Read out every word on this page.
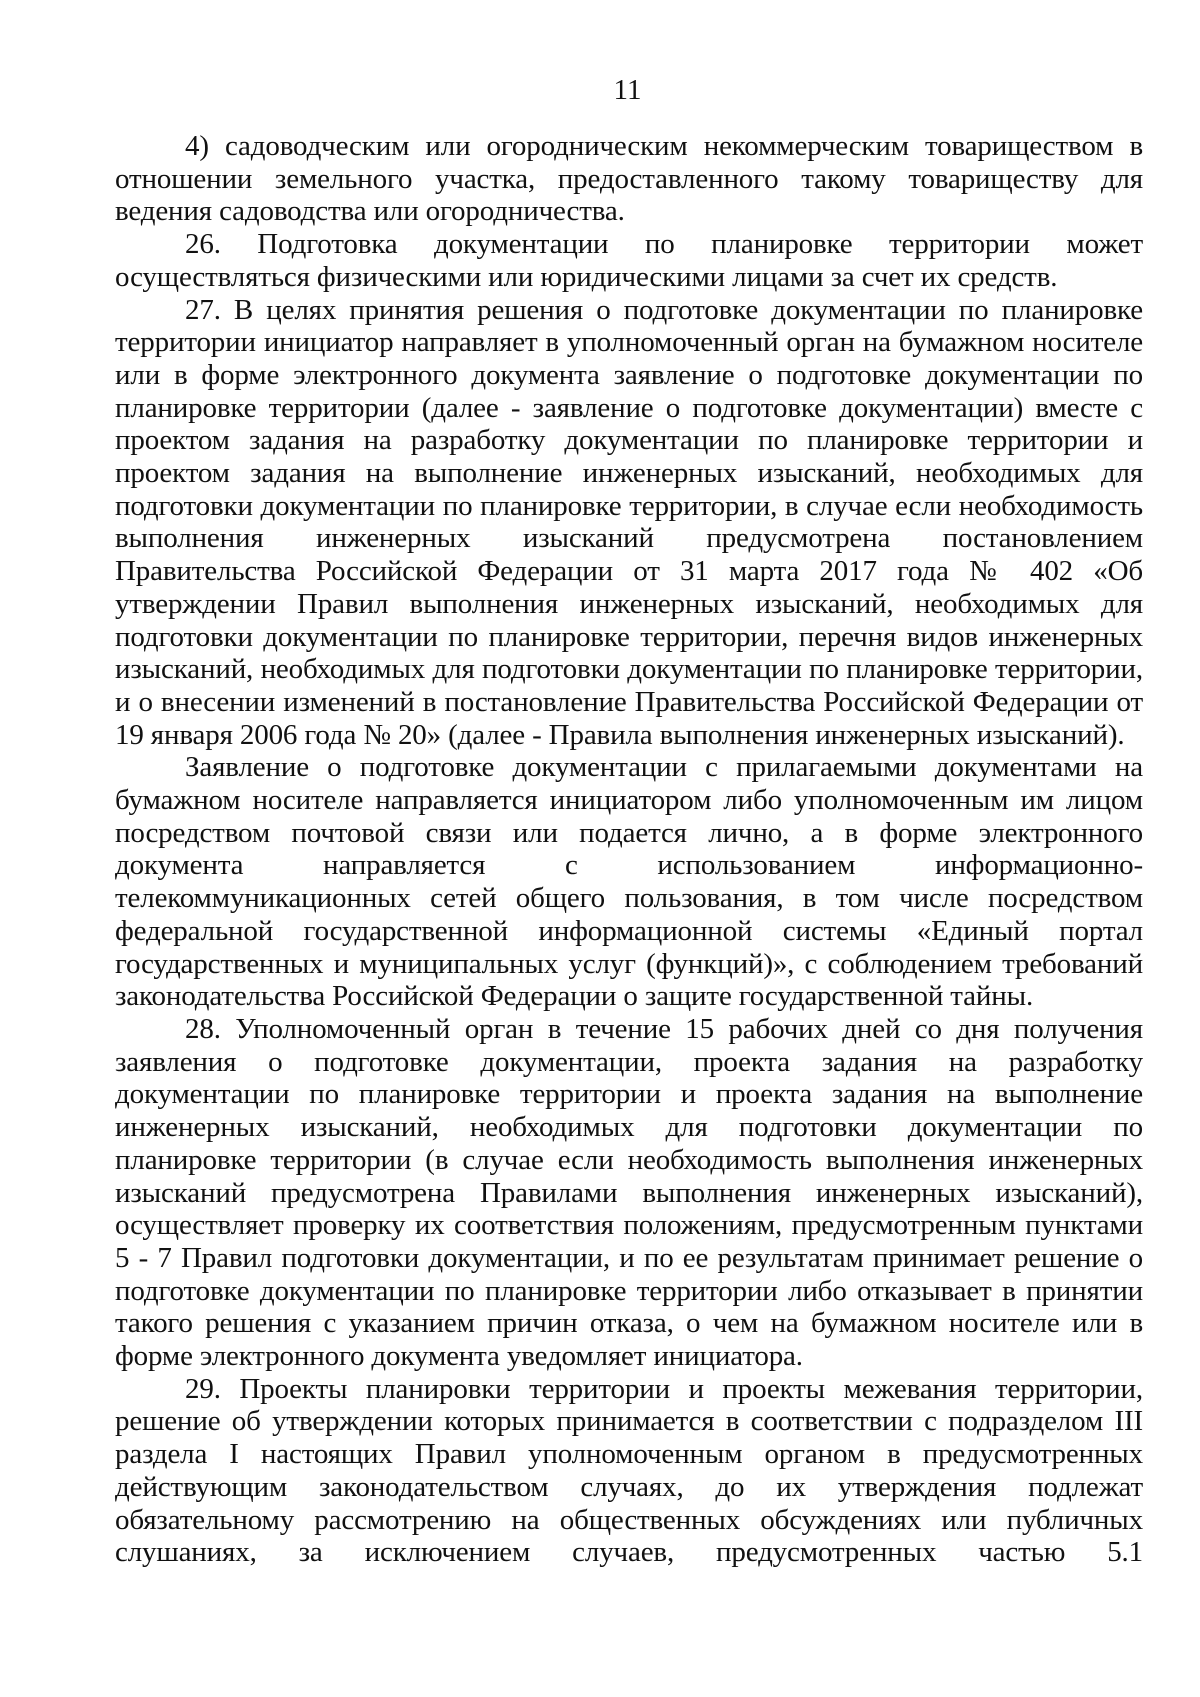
11

4) садоводческим или огородническим некоммерческим товариществом в отношении земельного участка, предоставленного такому товариществу для ведения садоводства или огородничества.

26. Подготовка документации по планировке территории может осуществляться физическими или юридическими лицами за счет их средств.

27. В целях принятия решения о подготовке документации по планировке территории инициатор направляет в уполномоченный орган на бумажном носителе или в форме электронного документа заявление о подготовке документации по планировке территории (далее - заявление о подготовке документации) вместе с проектом задания на разработку документации по планировке территории и проектом задания на выполнение инженерных изысканий, необходимых для подготовки документации по планировке территории, в случае если необходимость выполнения инженерных изысканий предусмотрена постановлением Правительства Российской Федерации от 31 марта 2017 года № 402 «Об утверждении Правил выполнения инженерных изысканий, необходимых для подготовки документации по планировке территории, перечня видов инженерных изысканий, необходимых для подготовки документации по планировке территории, и о внесении изменений в постановление Правительства Российской Федерации от 19 января 2006 года № 20» (далее - Правила выполнения инженерных изысканий).

Заявление о подготовке документации с прилагаемыми документами на бумажном носителе направляется инициатором либо уполномоченным им лицом посредством почтовой связи или подается лично, а в форме электронного документа направляется с использованием информационно-телекоммуникационных сетей общего пользования, в том числе посредством федеральной государственной информационной системы «Единый портал государственных и муниципальных услуг (функций)», с соблюдением требований законодательства Российской Федерации о защите государственной тайны.

28. Уполномоченный орган в течение 15 рабочих дней со дня получения заявления о подготовке документации, проекта задания на разработку документации по планировке территории и проекта задания на выполнение инженерных изысканий, необходимых для подготовки документации по планировке территории (в случае если необходимость выполнения инженерных изысканий предусмотрена Правилами выполнения инженерных изысканий), осуществляет проверку их соответствия положениям, предусмотренным пунктами 5 - 7 Правил подготовки документации, и по ее результатам принимает решение о подготовке документации по планировке территории либо отказывает в принятии такого решения с указанием причин отказа, о чем на бумажном носителе или в форме электронного документа уведомляет инициатора.

29. Проекты планировки территории и проекты межевания территории, решение об утверждении которых принимается в соответствии с подразделом III раздела I настоящих Правил уполномоченным органом в предусмотренных действующим законодательством случаях, до их утверждения подлежат обязательному рассмотрению на общественных обсуждениях или публичных слушаниях, за исключением случаев, предусмотренных частью 5.1
